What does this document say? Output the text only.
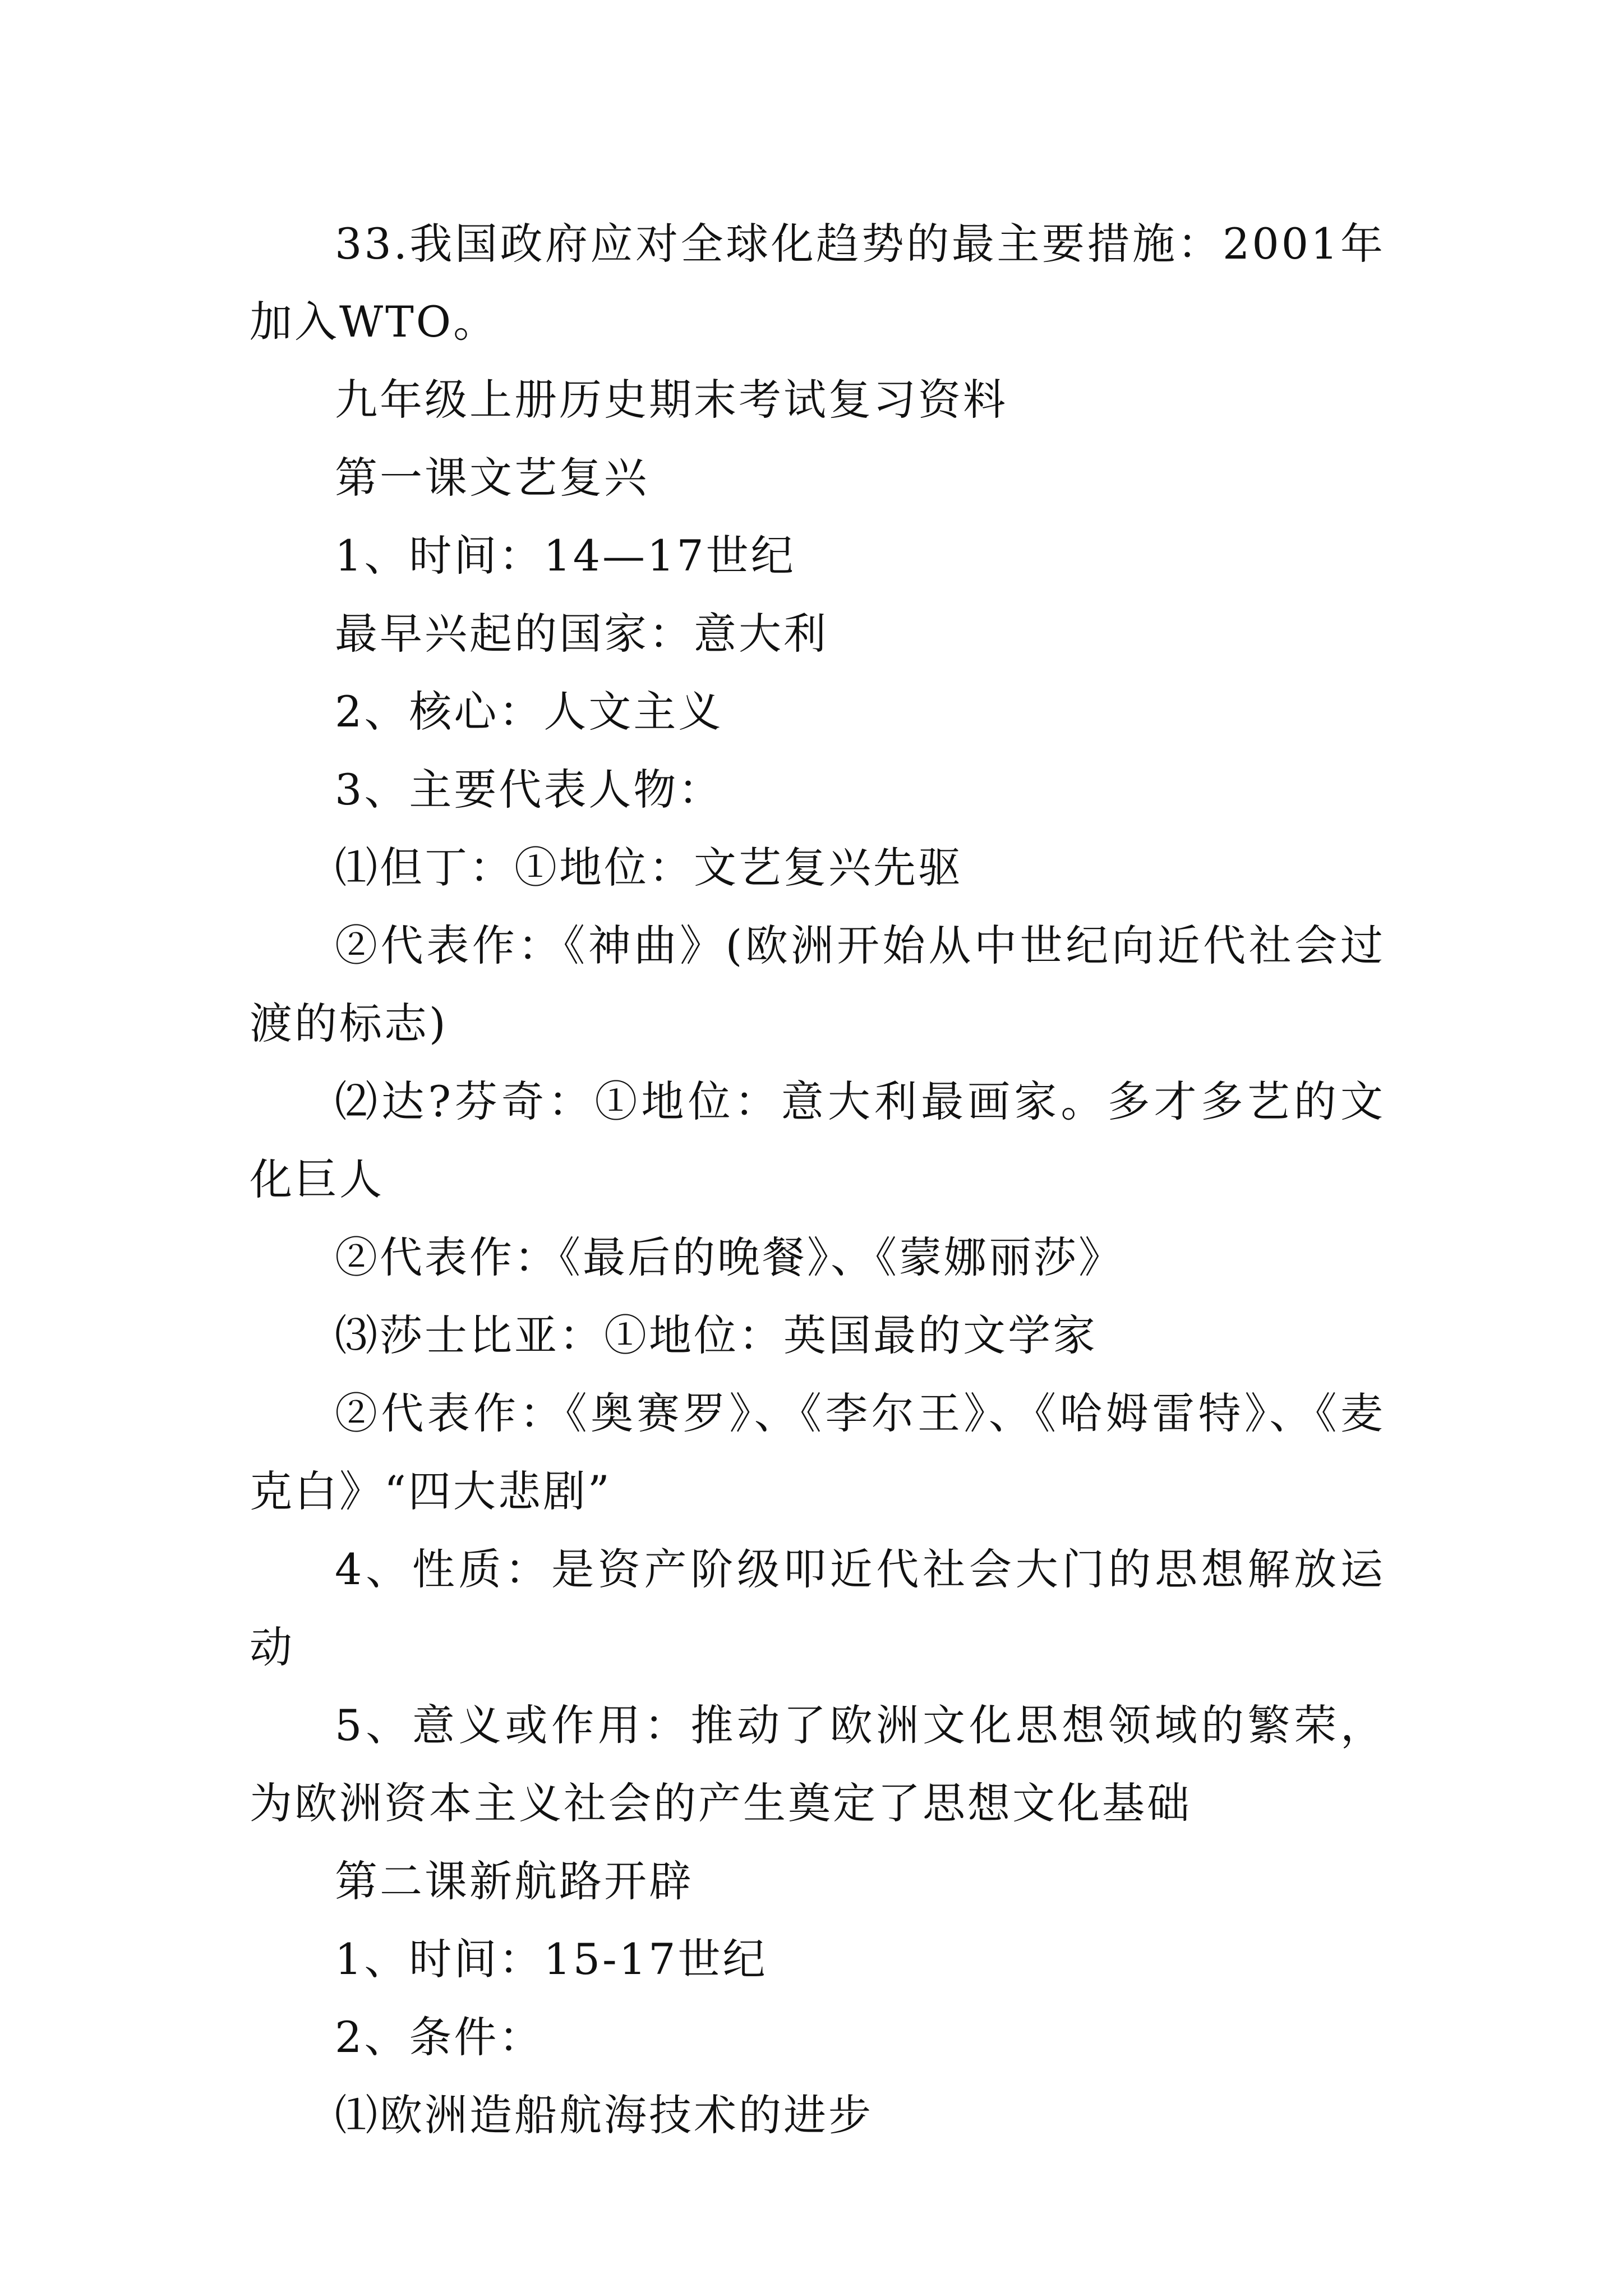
33.我国政府应对全球化趋势的最主要措施：2001年加入WTO。

九年级上册历史期末考试复习资料

第一课文艺复兴

1、时间：14—17世纪

最早兴起的国家：意大利

2、核心：人文主义

3、主要代表人物：

⑴但丁：①地位：文艺复兴先驱

②代表作：《神曲》(欧洲开始从中世纪向近代社会过渡的标志)

⑵达?芬奇：①地位：意大利最画家。多才多艺的文化巨人

②代表作：《最后的晚餐》、《蒙娜丽莎》

⑶莎士比亚：①地位：英国最的文学家

②代表作：《奥赛罗》、《李尔王》、《哈姆雷特》、《麦克白》“四大悲剧”

4、性质：是资产阶级叩近代社会大门的思想解放运动

5、意义或作用：推动了欧洲文化思想领域的繁荣，为欧洲资本主义社会的产生奠定了思想文化基础

第二课新航路开辟

1、时间：15-17世纪

2、条件：

⑴欧洲造船航海技术的进步
